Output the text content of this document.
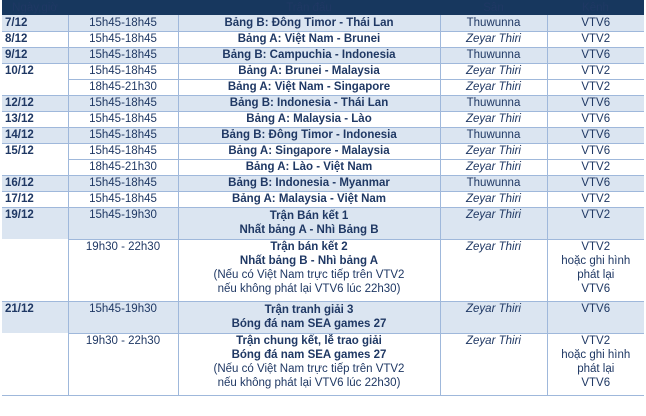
Ngày,giờ		Trận đấu	Sân	Kênh
7/12	15h45-18h45	Bảng B: Đông Timor - Thái Lan	Thuwunna	VTV6
8/12	15h45-18h45	Bảng A: Việt Nam - Brunei	Zeyar Thiri	VTV2
9/12	15h45-18h45	Bảng B: Campuchia - Indonesia	Thuwunna	VTV6
10/12	15h45-18h45	Bảng A: Brunei - Malaysia	Zeyar Thiri	VTV2
	18h45-21h30	Bảng A: Việt Nam - Singapore	Zeyar Thiri	VTV2
12/12	15h45-18h45	Bảng B: Indonesia - Thái Lan	Thuwunna	VTV6
13/12	15h45-18h45	Bảng A: Malaysia - Lào	Zeyar Thiri	VTV6
14/12	15h45-18h45	Bảng B: Đông Timor - Indonesia	Thuwunna	VTV6
15/12	15h45-18h45	Bảng A: Singapore - Malaysia	Zeyar Thiri	VTV6
	18h45-21h30	Bảng A: Lào - Việt Nam	Zeyar Thiri	VTV2
16/12	15h45-18h45	Bảng B: Indonesia - Myanmar	Thuwunna	VTV6
17/12	15h45-18h45	Bảng A: Malaysia - Việt Nam	Zeyar Thiri	VTV2
19/12	15h45-19h30	Trận Bán kết 1
Nhất bảng A - Nhì Bảng B	Zeyar Thiri	VTV2
	19h30 - 22h30	Trận bán kết 2
Nhất bảng B - Nhì bảng A
(Nếu có Việt Nam trực tiếp trên VTV2
nếu không phát lại VTV6 lúc 22h30)	Zeyar Thiri	VTV2
hoặc ghi hình
phát lại
VTV6

21/12	15h45-19h30	Trận tranh giải 3
Bóng đá nam SEA games 27	Zeyar Thiri	VTV6
	19h30 - 22h30	Trận chung kết, lễ trao giải
Bóng đá nam SEA games 27
(Nếu có Việt Nam trực tiếp trên VTV2
nếu không phát lại VTV6 lúc 22h30)	Zeyar Thiri	VTV2
hoặc ghi hình
phát lại
VTV6
